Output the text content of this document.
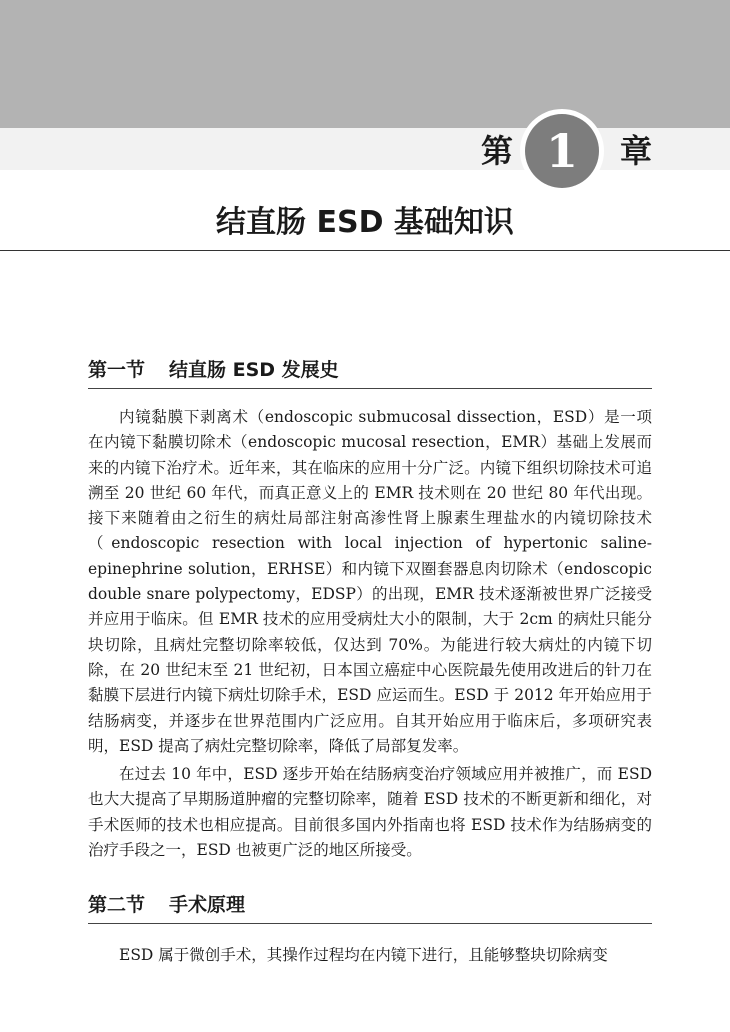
第 1	章
结直肠 ESD 基础知识
第一节 结直肠 ESD 发展史

内镜黏膜下剥离术（endoscopic submucosal dissection，ESD）是一项在内镜下黏膜切除术（endoscopic mucosal resection，EMR）基础上发展而来的内镜下治疗术。近年来，其在临床的应用十分广泛。内镜下组织切除技术可追溯至 20 世纪 60 年代，而真正意义上的 EMR 技术则在 20 世纪 80 年代出现。接下来随着由之衍生的病灶局部注射高渗性肾上腺素生理盐水的内镜切除技术（endoscopic resection with local injection of hypertonic saline-epinephrine solution，ERHSE）和内镜下双圈套器息肉切除术（endoscopic double snare polypectomy，EDSP）的出现，EMR 技术逐渐被世界广泛接受并应用于临床。但 EMR 技术的应用受病灶大小的限制，大于 2cm 的病灶只能分块切除，且病灶完整切除率较低，仅达到 70%。为能进行较大病灶的内镜下切除，在 20 世纪末至 21 世纪初，日本国立癌症中心医院最先使用改进后的针刀在黏膜下层进行内镜下病灶切除手术，ESD 应运而生。ESD 于 2012 年开始应用于结肠病变，并逐步在世界范围内广泛应用。自其开始应用于临床后，多项研究表明，ESD 提高了病灶完整切除率，降低了局部复发率。

在过去 10 年中，ESD 逐步开始在结肠病变治疗领域应用并被推广，而 ESD 也大大提高了早期肠道肿瘤的完整切除率，随着 ESD 技术的不断更新和细化，对手术医师的技术也相应提高。目前很多国内外指南也将 ESD 技术作为结肠病变的治疗手段之一，ESD 也被更广泛的地区所接受。

第二节 手术原理

ESD 属于微创手术，其操作过程均在内镜下进行，且能够整块切除病变
